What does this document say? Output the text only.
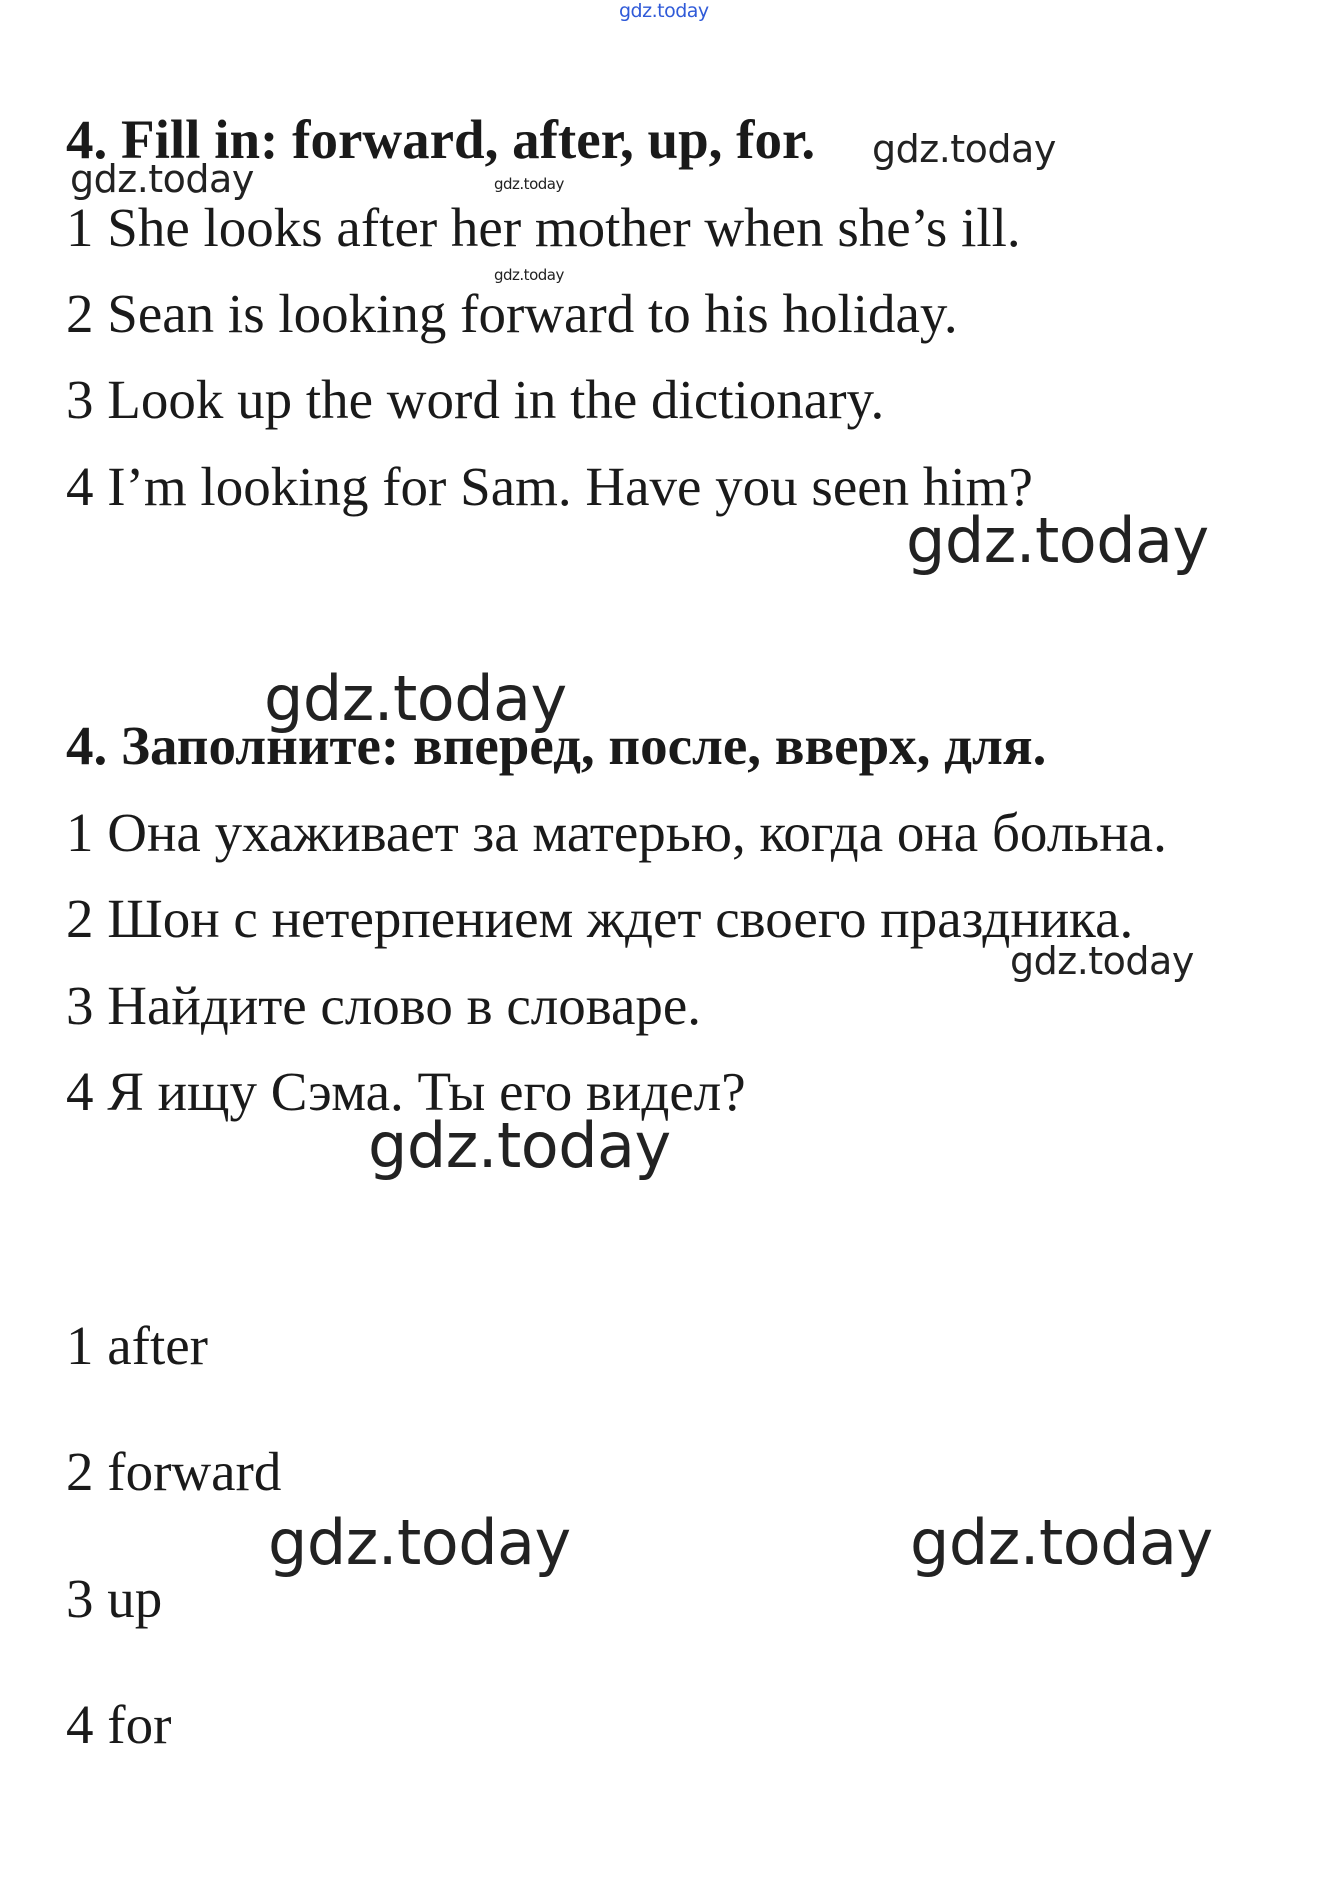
gdz.today
4. Fill in: forward, after, up, for.
1 She looks after her mother when she’s ill.
2 Sean is looking forward to his holiday.
3 Look up the word in the dictionary.
4 I’m looking for Sam. Have you seen him?
4. Заполните: вперед, после, вверх, для.
1 Она ухаживает за матерью, когда она больна.
2 Шон с нетерпением ждет своего праздника.
3 Найдите слово в словаре.
4 Я ищу Сэма. Ты его видел?
1 after
2 forward
3 up
4 for
gdz.today
gdz.today	gdz.today
gdz.today
gdz.today
gdz.today
gdz.today
gdz.today
gdz.today	gdz.today
